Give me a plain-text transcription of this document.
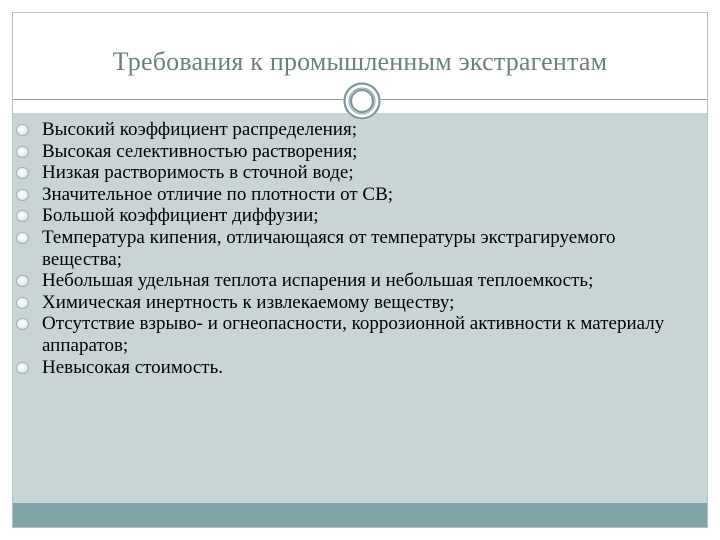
Требования к промышленным экстрагентам
Высокий коэффициент распределения;
Высокая селективностью растворения;
Низкая растворимость в сточной воде;
Значительное отличие по плотности от СВ;
Большой коэффициент диффузии;
Температура кипения, отличающаяся от температуры экстрагируемого вещества;
Небольшая удельная теплота испарения и небольшая теплоемкость;
Химическая инертность к извлекаемому веществу;
Отсутствие взрыво- и огнеопасности, коррозионной активности к материалу аппаратов;
Невысокая стоимость.
